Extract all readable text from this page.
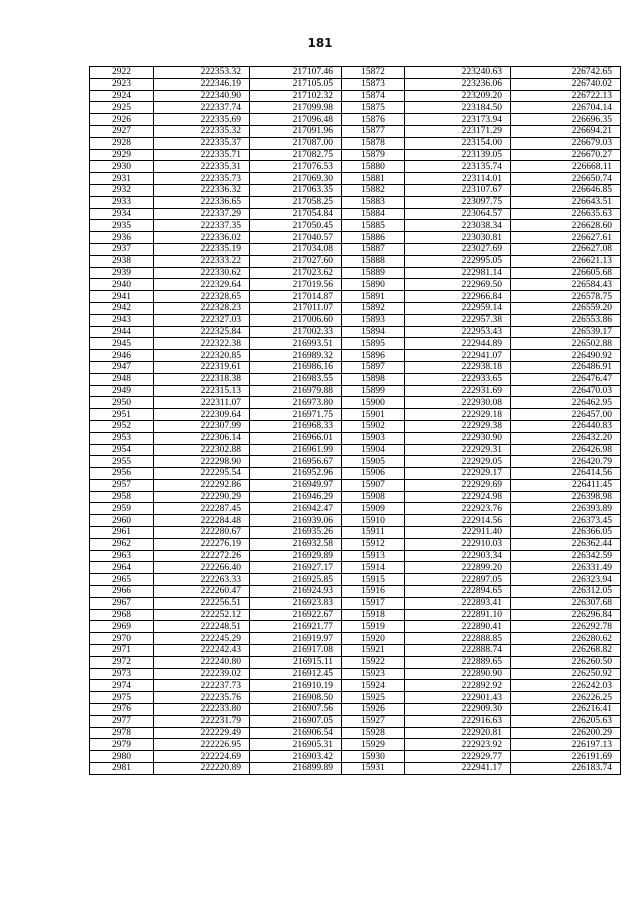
181
2922	222353.32	217107.46	15872	223240.63	226742.65
2923	222346.19	217105.05	15873	223236.06	226740.02
2924	222340.90	217102.32	15874	223209.20	226722.13
2925	222337.74	217099.98	15875	223184.50	226704.14
2926	222335.69	217096.48	15876	223173.94	226696.35
2927	222335.32	217091.96	15877	223171.29	226694.21
2928	222335.37	217087.00	15878	223154.00	226679.03
2929	222335.71	217082.75	15879	223139.05	226670.27
2930	222335.31	217076.53	15880	223135.74	226668.11
2931	222335.73	217069.30	15881	223114.01	226650.74
2932	222336.32	217063.35	15882	223107.67	226646.85
2933	222336.65	217058.25	15883	223097.75	226643.51
2934	222337.29	217054.84	15884	223064.57	226635.63
2935	222337.35	217050.45	15885	223038.34	226628.60
2936	222336.02	217040.57	15886	223030.81	226627.61
2937	222335.19	217034.08	15887	223027.69	226627.08
2938	222333.22	217027.60	15888	222995.05	226621.13
2939	222330.62	217023.62	15889	222981.14	226605.68
2940	222329.64	217019.56	15890	222969.50	226584.43
2941	222328.65	217014.87	15891	222966.84	226578.75
2942	222328.23	217011.07	15892	222959.14	226559.20
2943	222327.03	217006.60	15893	222957.38	226553.86
2944	222325.84	217002.33	15894	222953.43	226539.17
2945	222322.38	216993.51	15895	222944.89	226502.88
2946	222320.85	216989.32	15896	222941.07	226490.92
2947	222319.61	216986.16	15897	222938.18	226486.91
2948	222318.38	216983.55	15898	222933.65	226476.47
2949	222315.13	216979.88	15899	222931.69	226470.03
2950	222311.07	216973.80	15900	222930.08	226462.95
2951	222309.64	216971.75	15901	222929.18	226457.00
2952	222307.99	216968.33	15902	222929.38	226440.83
2953	222306.14	216966.01	15903	222930.90	226432.20
2954	222302.88	216961.99	15904	222929.31	226426.98
2955	222298.90	216956.67	15905	222929.05	226420.79
2956	222295.54	216952.96	15906	222929.17	226414.56
2957	222292.86	216949.97	15907	222929.69	226411.45
2958	222290.29	216946.29	15908	222924.98	226398.98
2959	222287.45	216942.47	15909	222923.76	226393.89
2960	222284.48	216939.06	15910	222914.56	226373.45
2961	222280.67	216935.26	15911	222911.40	226366.05
2962	222276.19	216932.58	15912	222910.03	226362.44
2963	222272.26	216929.89	15913	222903.34	226342.59
2964	222266.40	216927.17	15914	222899.20	226331.49
2965	222263.33	216925.85	15915	222897.05	226323.94
2966	222260.47	216924.93	15916	222894.65	226312.05
2967	222256.51	216923.83	15917	222893.41	226307.68
2968	222252.12	216922.67	15918	222891.10	226296.84
2969	222248.51	216921.77	15919	222890.41	226292.78
2970	222245.29	216919.97	15920	222888.85	226280.62
2971	222242.43	216917.08	15921	222888.74	226268.82
2972	222240.80	216915.11	15922	222889.65	226260.50
2973	222239.02	216912.45	15923	222890.90	226250.92
2974	222237.73	216910.19	15924	222892.92	226242.03
2975	222235.76	216908.50	15925	222901.43	226226.25
2976	222233.80	216907.56	15926	222909.30	226216.41
2977	222231.79	216907.05	15927	222916.63	226205.63
2978	222229.49	216906.54	15928	222920.81	226200.29
2979	222226.95	216905.31	15929	222923.92	226197.13
2980	222224.69	216903.42	15930	222929.77	226191.69
2981	222220.89	216899.89	15931	222941.17	226183.74
